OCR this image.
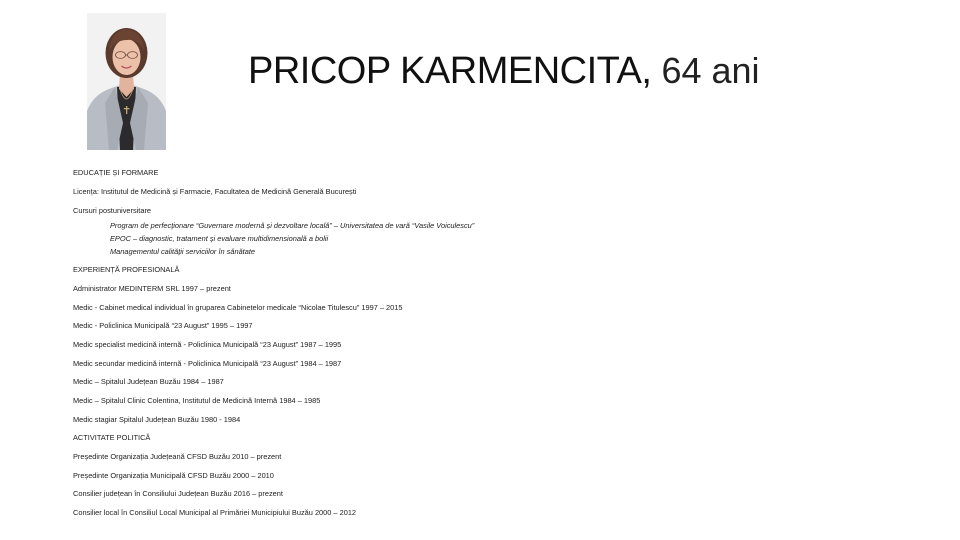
PRICOP KARMENCITA, 64 ani
EDUCAȚIE ȘI FORMARE
Licența: Institutul de Medicină și Farmacie, Facultatea de Medicină Generală București
Cursuri postuniversitare
Program de perfecționare “Guvernare modernă și dezvoltare locală” – Universitatea de vară “Vasile Voiculescu”
EPOC – diagnostic, tratament și evaluare multidimensională a bolii
Managementul calității serviciilor în sănătate
EXPERIENȚĂ PROFESIONALĂ
Administrator MEDINTERM SRL 1997 – prezent
Medic - Cabinet medical individual în gruparea Cabinetelor medicale “Nicolae Titulescu” 1997 – 2015
Medic - Policlinica Municipală “23 August” 1995 – 1997
Medic specialist medicină internă - Policlinica Municipală “23 August” 1987 – 1995
Medic secundar medicină internă - Policlinica Municipală “23 August” 1984 – 1987
Medic – Spitalul Județean Buzău 1984 – 1987
Medic – Spitalul Clinic Colentina, Institutul de Medicină Internă 1984 – 1985
Medic stagiar Spitalul Județean Buzău 1980 - 1984
ACTIVITATE POLITICĂ
Președinte Organizația Județeană CFSD Buzău 2010 – prezent
Președinte Organizația Municipală CFSD Buzău 2000 – 2010
Consilier județean în Consiliului Județean Buzău 2016 – prezent
Consilier local în Consiliul Local Municipal al Primăriei Municipiului Buzău 2000 – 2012
